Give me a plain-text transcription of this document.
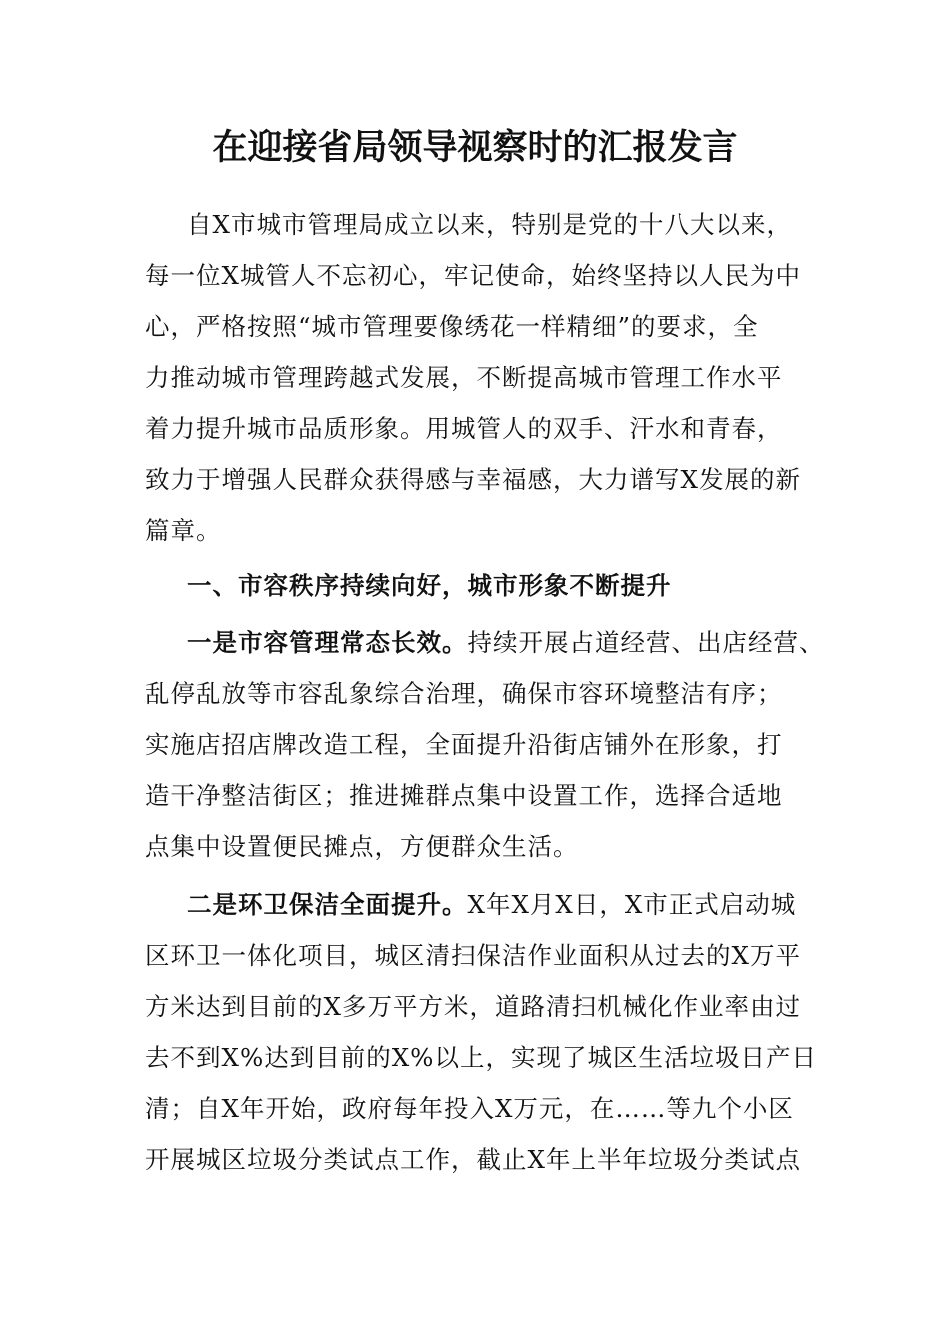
在迎接省局领导视察时的汇报发言
自X市城市管理局成立以来，特别是党的十八大以来，
每一位X城管人不忘初心，牢记使命，始终坚持以人民为中
心，严格按照“城市管理要像绣花一样精细”的要求，全
力推动城市管理跨越式发展，不断提高城市管理工作水平
着力提升城市品质形象。用城管人的双手、汗水和青春，
致力于增强人民群众获得感与幸福感，大力谱写X发展的新
篇章。
一、市容秩序持续向好，城市形象不断提升
一是市容管理常态长效。持续开展占道经营、出店经营、
乱停乱放等市容乱象综合治理，确保市容环境整洁有序；
实施店招店牌改造工程，全面提升沿街店铺外在形象，打
造干净整洁街区；推进摊群点集中设置工作，选择合适地
点集中设置便民摊点，方便群众生活。
二是环卫保洁全面提升。X年X月X日，X市正式启动城
区环卫一体化项目，城区清扫保洁作业面积从过去的X万平
方米达到目前的X多万平方米，道路清扫机械化作业率由过
去不到X%达到目前的X%以上，实现了城区生活垃圾日产日
清；自X年开始，政府每年投入X万元，在……等九个小区
开展城区垃圾分类试点工作，截止X年上半年垃圾分类试点
